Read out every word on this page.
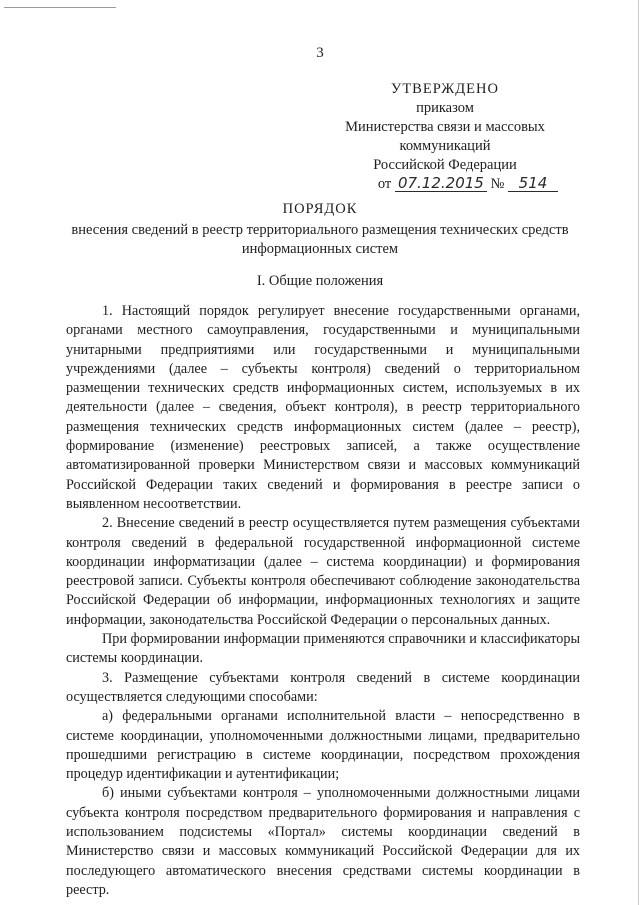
3
УТВЕРЖДЕНО
приказом
Министерства связи и массовых
коммуникаций
Российской Федерации
от 07.12.2015 № 514
ПОРЯДОК
внесения сведений в реестр территориального размещения технических средств информационных систем
I. Общие положения

1. Настоящий порядок регулирует внесение государственными органами, органами местного самоуправления, государственными и муниципальными унитарными предприятиями или государственными и муниципальными учреждениями (далее – субъекты контроля) сведений о территориальном размещении технических средств информационных систем, используемых в их деятельности (далее – сведения, объект контроля), в реестр территориального размещения технических средств информационных систем (далее – реестр), формирование (изменение) реестровых записей, а также осуществление автоматизированной проверки Министерством связи и массовых коммуникаций Российской Федерации таких сведений и формирования в реестре записи о выявленном несоответствии.

2. Внесение сведений в реестр осуществляется путем размещения субъектами контроля сведений в федеральной государственной информационной системе координации информатизации (далее – система координации) и формирования реестровой записи. Субъекты контроля обеспечивают соблюдение законодательства Российской Федерации об информации, информационных технологиях и защите информации, законодательства Российской Федерации о персональных данных.

При формировании информации применяются справочники и классификаторы системы координации.

3. Размещение субъектами контроля сведений в системе координации осуществляется следующими способами:

а) федеральными органами исполнительной власти – непосредственно в системе координации, уполномоченными должностными лицами, предварительно прошедшими регистрацию в системе координации, посредством прохождения процедур идентификации и аутентификации;

б) иными субъектами контроля – уполномоченными должностными лицами субъекта контроля посредством предварительного формирования и направления с использованием подсистемы «Портал» системы координации сведений в Министерство связи и массовых коммуникаций Российской Федерации для их последующего автоматического внесения средствами системы координации в реестр.
